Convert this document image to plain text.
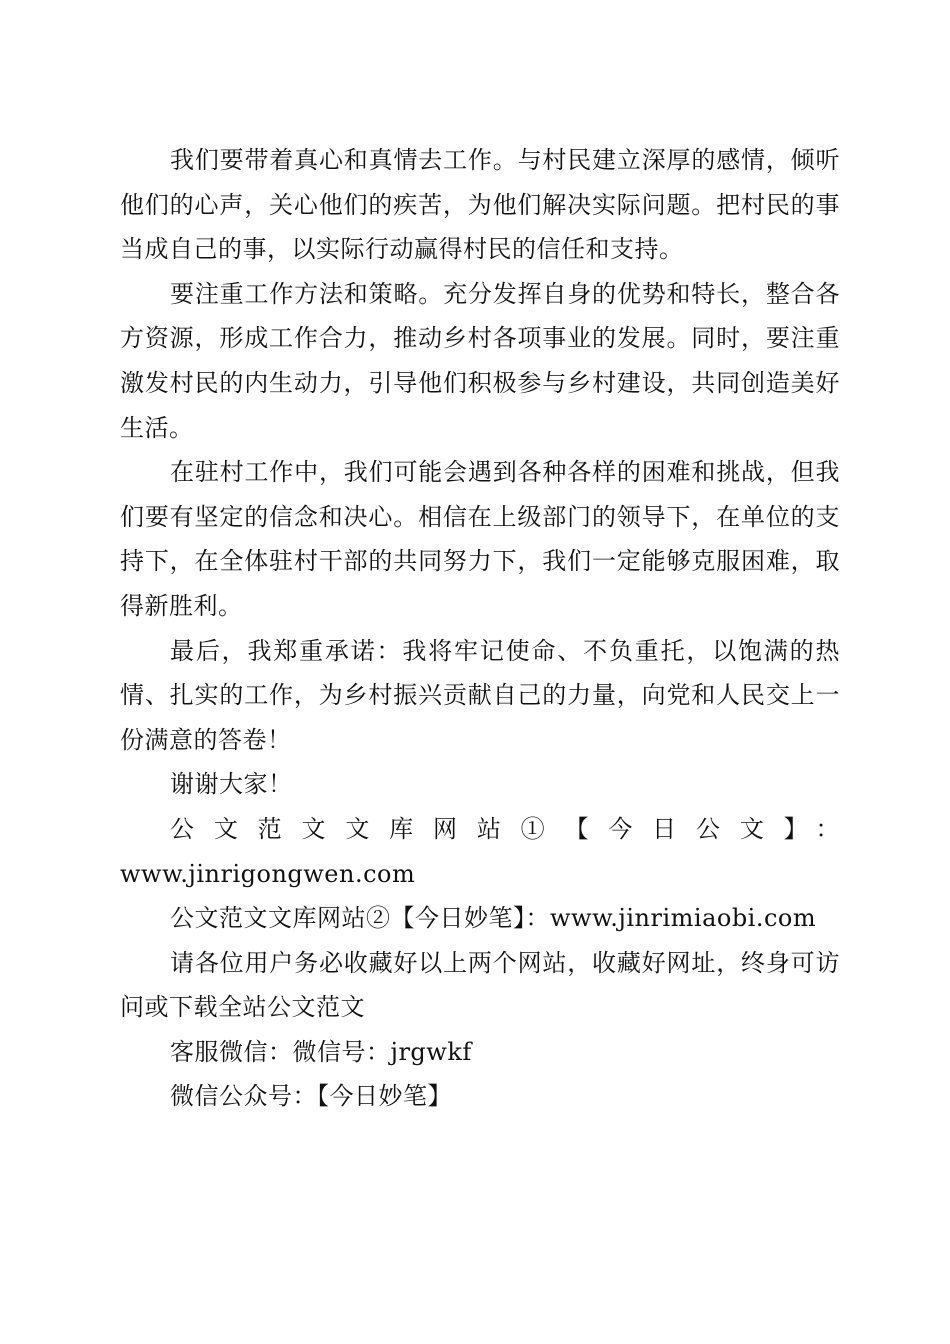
我们要带着真心和真情去工作。与村民建立深厚的感情，倾听他们的心声，关心他们的疾苦，为他们解决实际问题。把村民的事当成自己的事，以实际行动赢得村民的信任和支持。

要注重工作方法和策略。充分发挥自身的优势和特长，整合各方资源，形成工作合力，推动乡村各项事业的发展。同时，要注重激发村民的内生动力，引导他们积极参与乡村建设，共同创造美好生活。

在驻村工作中，我们可能会遇到各种各样的困难和挑战，但我们要有坚定的信念和决心。相信在上级部门的领导下，在单位的支持下，在全体驻村干部的共同努力下，我们一定能够克服困难，取得新胜利。

最后，我郑重承诺：我将牢记使命、不负重托，以饱满的热情、扎实的工作，为乡村振兴贡献自己的力量，向党和人民交上一份满意的答卷！

谢谢大家！

公文范文文库网站①【今日公文】：

www.jinrigongwen.com

公文范文文库网站②【今日妙笔】：www.jinrimiaobi.com

请各位用户务必收藏好以上两个网站，收藏好网址，终身可访问或下载全站公文范文

客服微信：微信号：jrgwkf

微信公众号：【今日妙笔】
